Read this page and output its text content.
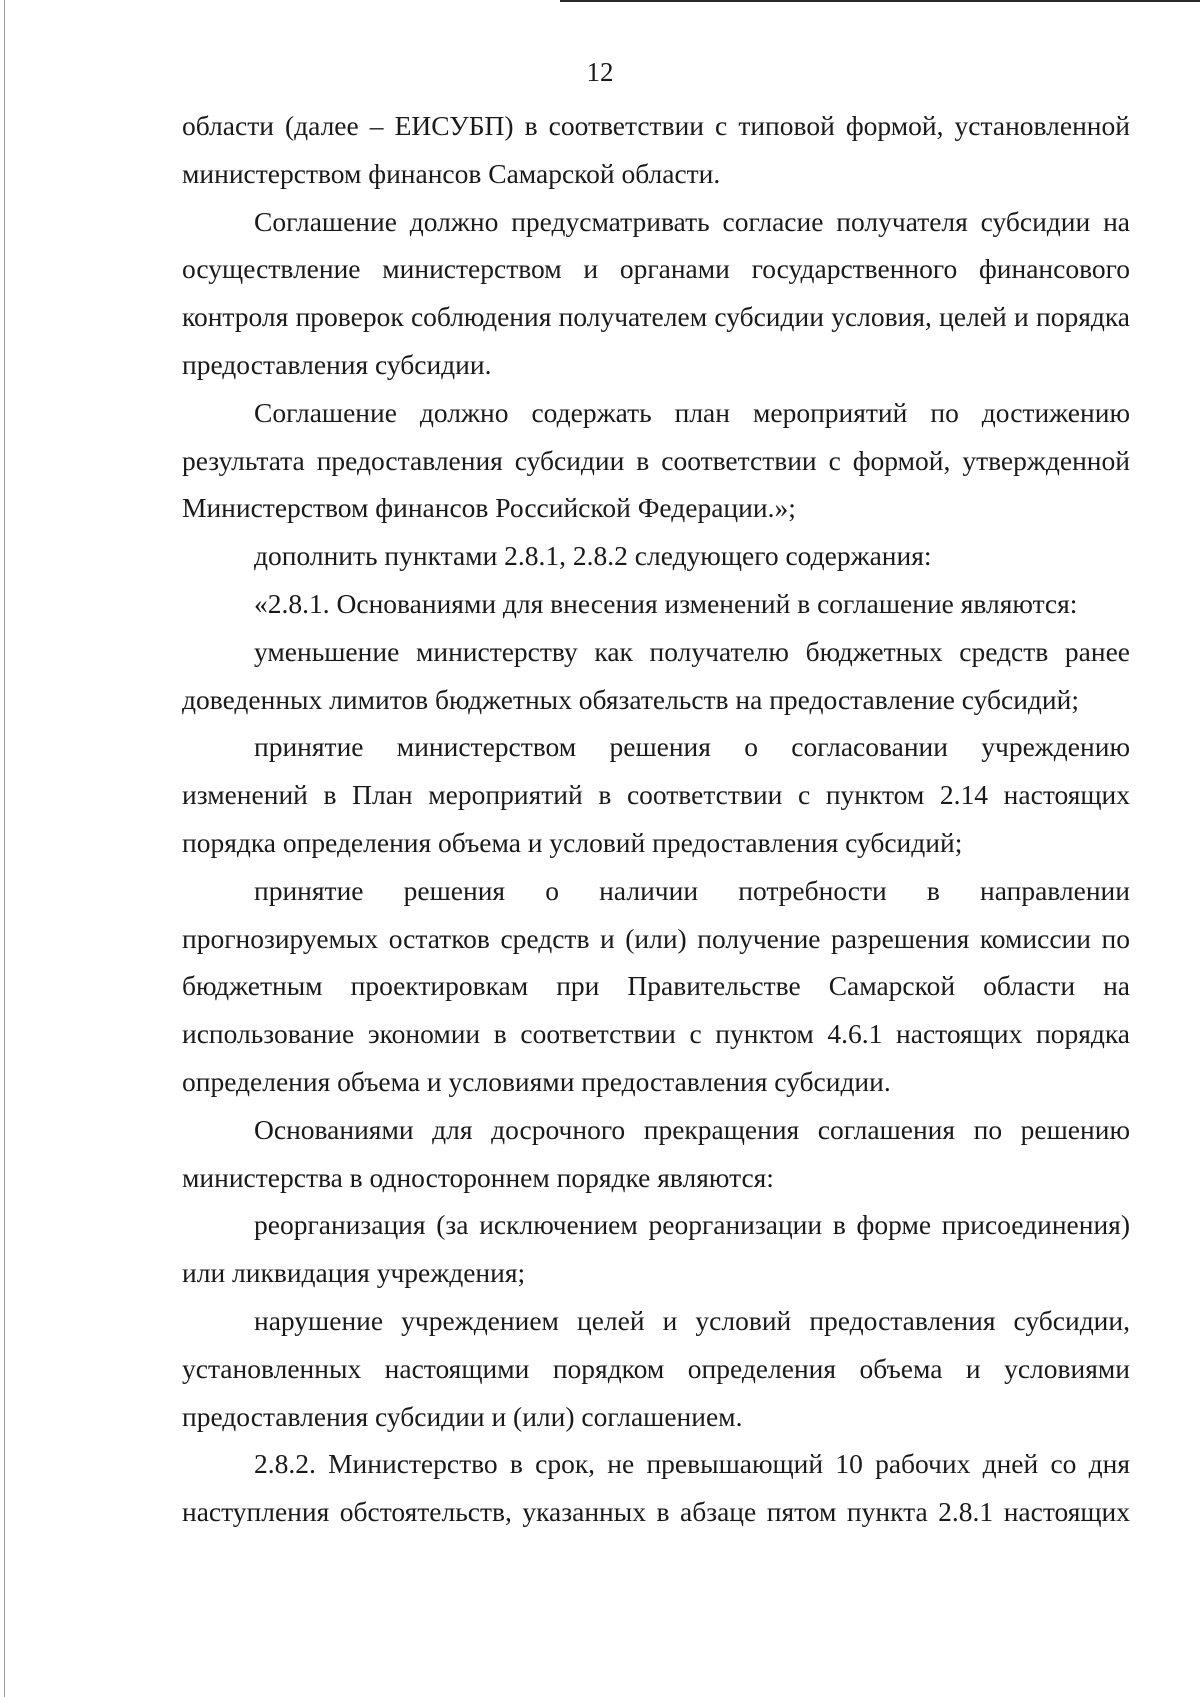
12

области (далее – ЕИСУБП) в соответствии с типовой формой, установленной министерством финансов Самарской области.

Соглашение должно предусматривать согласие получателя субсидии на осуществление министерством и органами государственного финансового контроля проверок соблюдения получателем субсидии условия, целей и порядка предоставления субсидии.

Соглашение должно содержать план мероприятий по достижению результата предоставления субсидии в соответствии с формой, утвержденной Министерством финансов Российской Федерации.»;

дополнить пунктами 2.8.1, 2.8.2 следующего содержания:

«2.8.1. Основаниями для внесения изменений в соглашение являются:

уменьшение министерству как получателю бюджетных средств ранее доведенных лимитов бюджетных обязательств на предоставление субсидий;

принятие министерством решения о согласовании учреждению изменений в План мероприятий в соответствии с пунктом 2.14 настоящих порядка определения объема и условий предоставления субсидий;

принятие решения о наличии потребности в направлении прогнозируемых остатков средств и (или) получение разрешения комиссии по бюджетным проектировкам при Правительстве Самарской области на использование экономии в соответствии с пунктом 4.6.1 настоящих порядка определения объема и условиями предоставления субсидии.

Основаниями для досрочного прекращения соглашения по решению министерства в одностороннем порядке являются:

реорганизация (за исключением реорганизации в форме присоединения) или ликвидация учреждения;

нарушение учреждением целей и условий предоставления субсидии, установленных настоящими порядком определения объема и условиями предоставления субсидии и (или) соглашением.

2.8.2. Министерство в срок, не превышающий 10 рабочих дней со дня наступления обстоятельств, указанных в абзаце пятом пункта 2.8.1 настоящих
